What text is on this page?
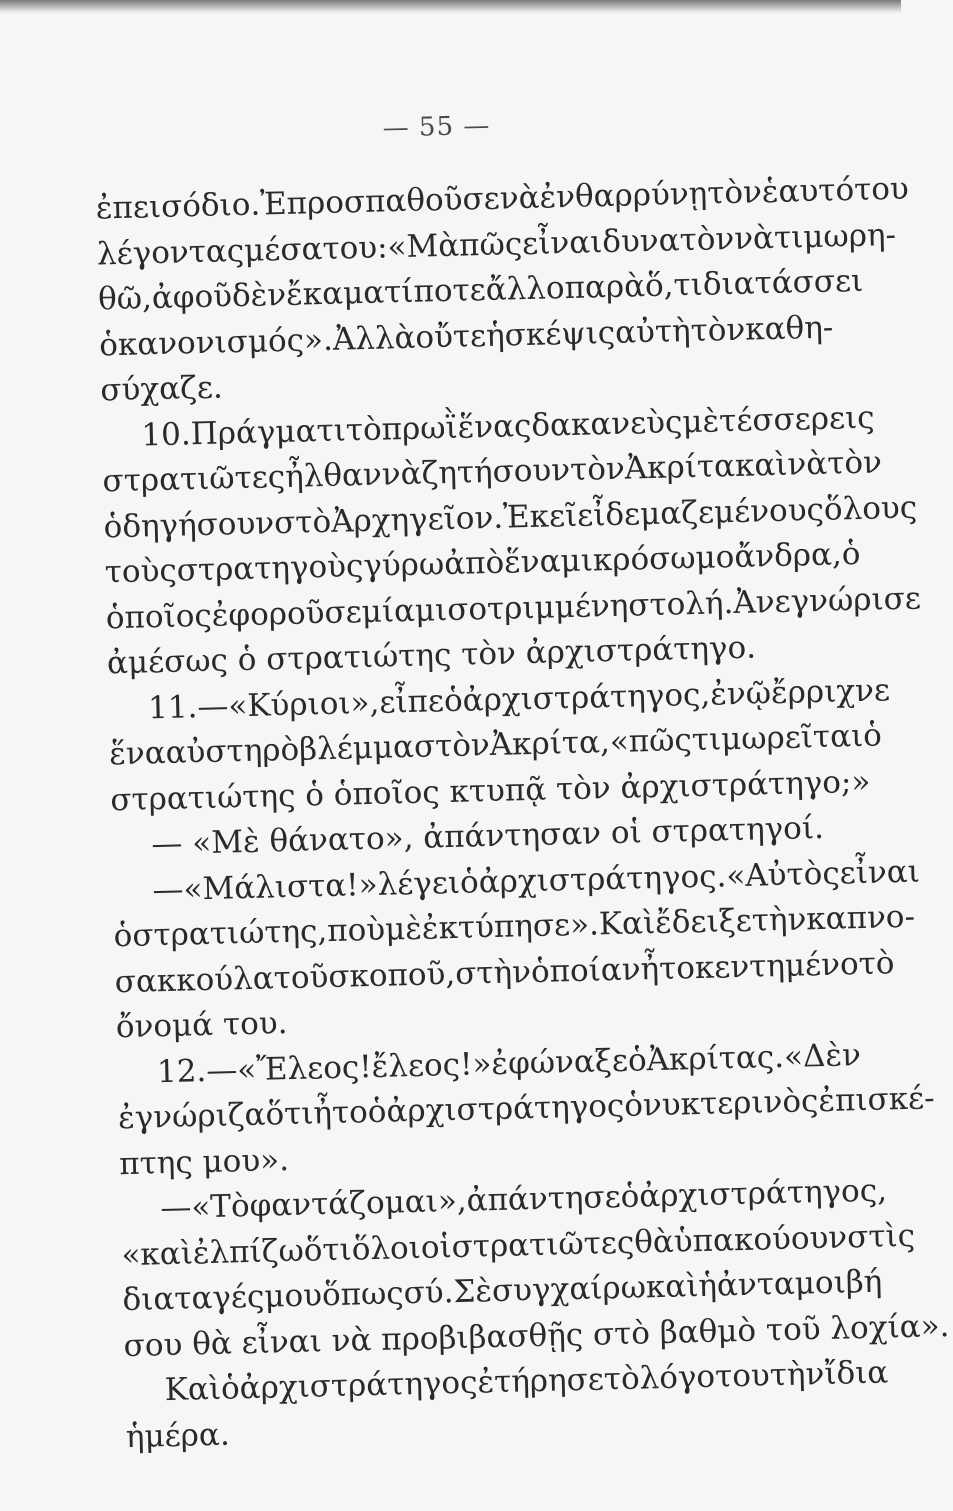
— 55 —
ἐπεισόδιο. Ἐπροσπαθοῦσε νὰ ἐνθαρρύνῃ τὸν ἑαυτό του
λέγοντας μέσα του: «Μὰ πῶς εἶναι δυνατὸν νὰ τιμωρη-
θῶ, ἀφοῦ δὲν ἔκαμα τίποτε ἄλλο παρὰ ὅ,τι διατάσσει
ὁ κανονισμός». Ἀλλὰ οὔτε ἡ σκέψις αὐτὴ τὸν καθη-
σύχαζε.
10. Πράγματι τὸ πρωῒ ἕνας δακανεὺς μὲ τέσσερεις
στρατιῶτες ἦλθαν νὰ ζητήσουν τὸν Ἀκρίτα καὶ νὰ τὸν
ὁδηγήσουν στὸ Ἀρχηγεῖον. Ἐκεῖ εἶδε μαζεμένους ὅλους
τοὺς στρατηγοὺς γύρω ἀπὸ ἕνα μικρόσωμο ἄνδρα, ὁ
ὁποῖος ἐφοροῦσε μία μισοτριμμένη στολή. Ἀνεγνώρισε
ἀμέσως ὁ στρατιώτης τὸν ἀρχιστράτηγο.
11.—«Κύριοι», εἶπε ὁ ἀρχιστράτηγος, ἐνῷ ἔρριχνε
ἕνα αὐστηρὸ βλέμμα στὸν Ἀκρίτα, «πῶς τιμωρεῖται ὁ
στρατιώτης ὁ ὁποῖος κτυπᾷ τὸν ἀρχιστράτηγο;»
— «Μὲ θάνατο», ἀπάντησαν οἱ στρατηγοί.
— «Μάλιστα!» λέγει ὁ ἀρχιστράτηγος. «Αὐτὸς εἶναι
ὁ στρατιώτης, ποὺ μὲ ἐκτύπησε». Καὶ ἔδειξε τὴν καπνο-
σακκούλα τοῦ σκοποῦ, στὴν ὁποίαν ἦτο κεντημένο τὸ
ὄνομά του.
12. —«Ἔλεος! ἔλεος!» ἐφώναξε ὁ Ἀκρίτας. «Δὲν
ἐγνώριζα ὅτι ἦτο ὁ ἀρχιστράτηγος ὁ νυκτερινὸς ἐπισκέ-
πτης μου».
— «Τὸ φαντάζομαι», ἀπάντησε ὁ ἀρχιστράτηγος,
«καὶ ἐλπίζω ὅτι ὅλοι οἱ στρατιῶτες θὰ ὑπακούουν στὶς
διαταγές μου ὅπως σύ. Σὲ συγχαίρω καὶ ἡ ἀνταμοιβή
σου θὰ εἶναι νὰ προβιβασθῇς στὸ βαθμὸ τοῦ λοχία».
Καὶ ὁ ἀρχιστράτηγος ἐτήρησε τὸ λόγο του τὴν ἴδια
ἡμέρα.
